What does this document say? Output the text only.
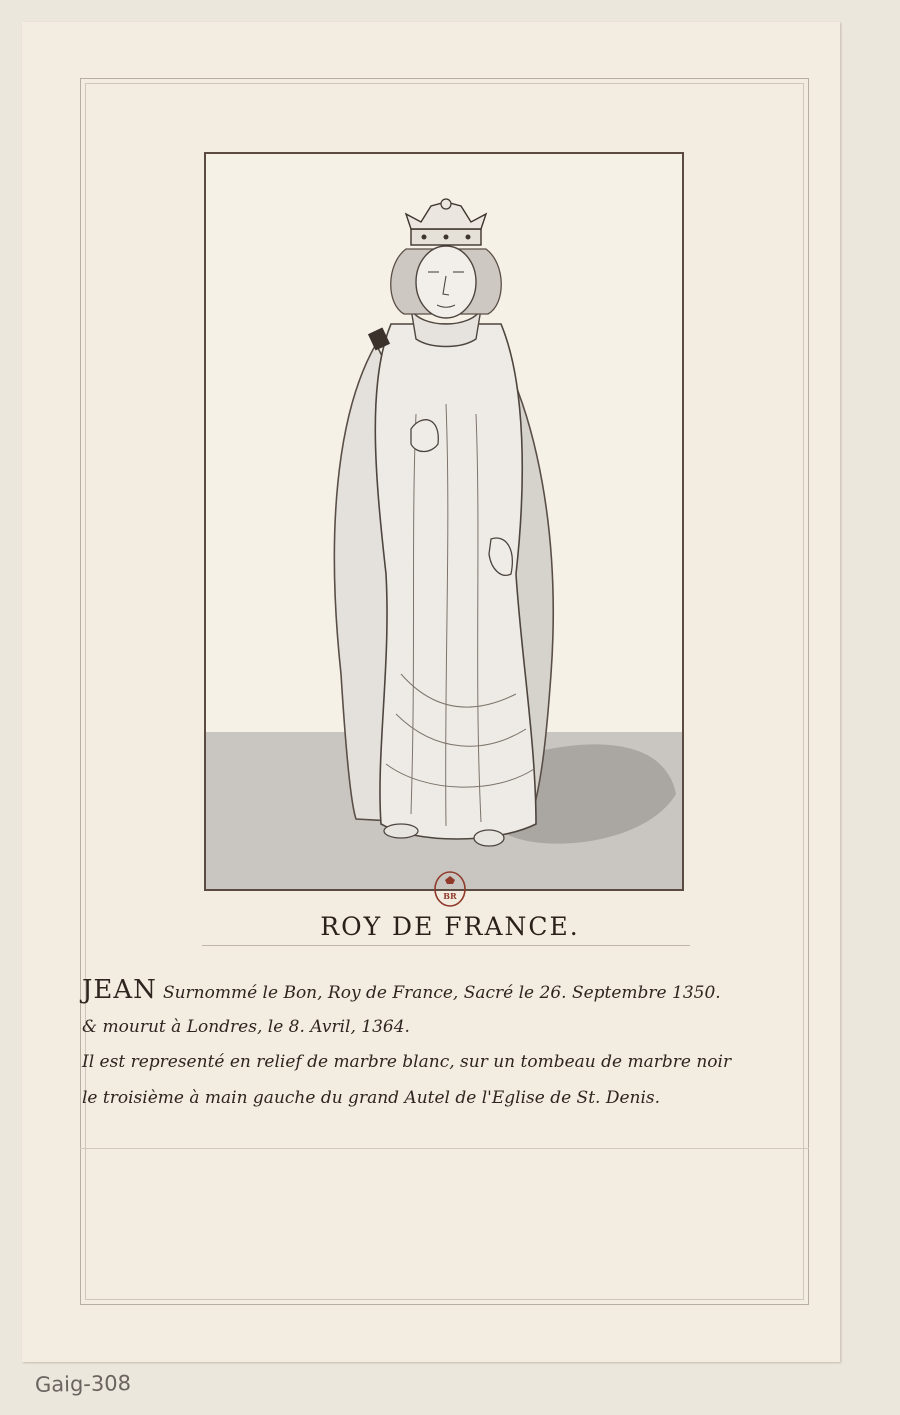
BR
ROY DE FRANCE.
JEAN Surnommé le Bon, Roy de France, Sacré le 26. Septembre 1350.
& mourut à Londres, le 8. Avril, 1364.
Il est representé en relief de marbre blanc, sur un tombeau de marbre noir
le troisième à main gauche du grand Autel de l'Eglise de St. Denis.
Gaig-308
